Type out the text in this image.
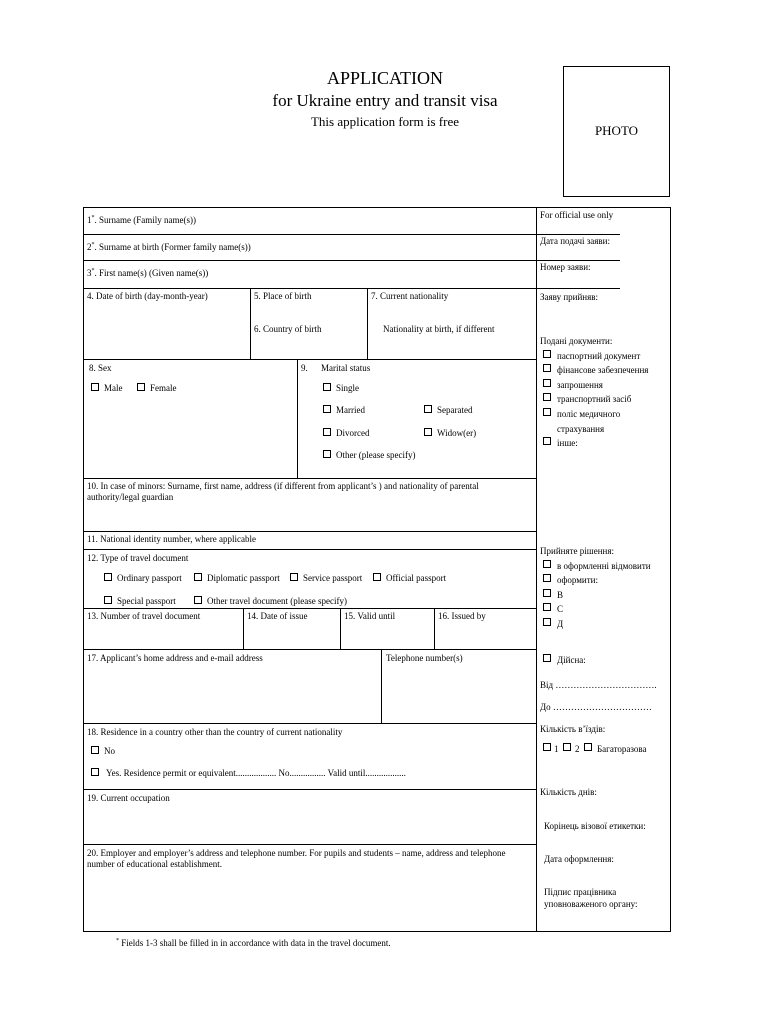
APPLICATION
for Ukraine entry and transit visa
This application form is free
PHOTO
1*. Surname (Family name(s))
2*. Surname at birth (Former family name(s))
3*. First name(s) (Given name(s))
4. Date of birth (day-month-year)	5. Place of birth
6. Country of birth
7. Current nationality
Nationality at birth, if different
8. Sex
Male	Female
9. Marital status
Single
Married	Separated
Divorced	Widow(er)
Other (please specify)
10. In case of minors: Surname, first name, address (if different from applicant’s ) and nationality of parental authority/legal guardian
11. National identity number, where applicable
12. Type of travel document
Ordinary passport	Diplomatic passport	Service passport	Official passport
Special passport	Other travel document (please specify)
13. Number of travel document	14. Date of issue	15. Valid until	16. Issued by
17. Applicant’s home address and e-mail address	Telephone number(s)
18. Residence in a country other than the country of current nationality
No
Yes. Residence permit or equivalent.................. No................ Valid until..................
19. Current occupation
20. Employer and employer’s address and telephone number. For pupils and students – name, address and telephone number of educational establishment.
* Fields 1-3 shall be filled in in accordance with data in the travel document.
For official use only
Дата подачі заяви:
Номер заяви:
Заяву прийняв:
Подані документи:
паспортний документ
фінансове забезпечення
запрошення
транспортний засіб
поліс медичного
страхування
інше:
Прийняте рішення:
в оформленні відмовити
оформити:
B
C
Д
Дійсна:
Від …………………………….
До ……………………………
Кількість в’їздів:
1 2 Багаторазова
Кількість днів:
Корінець візової етикетки:
Дата оформлення:
Підпис працівника
уповноваженого органу:
